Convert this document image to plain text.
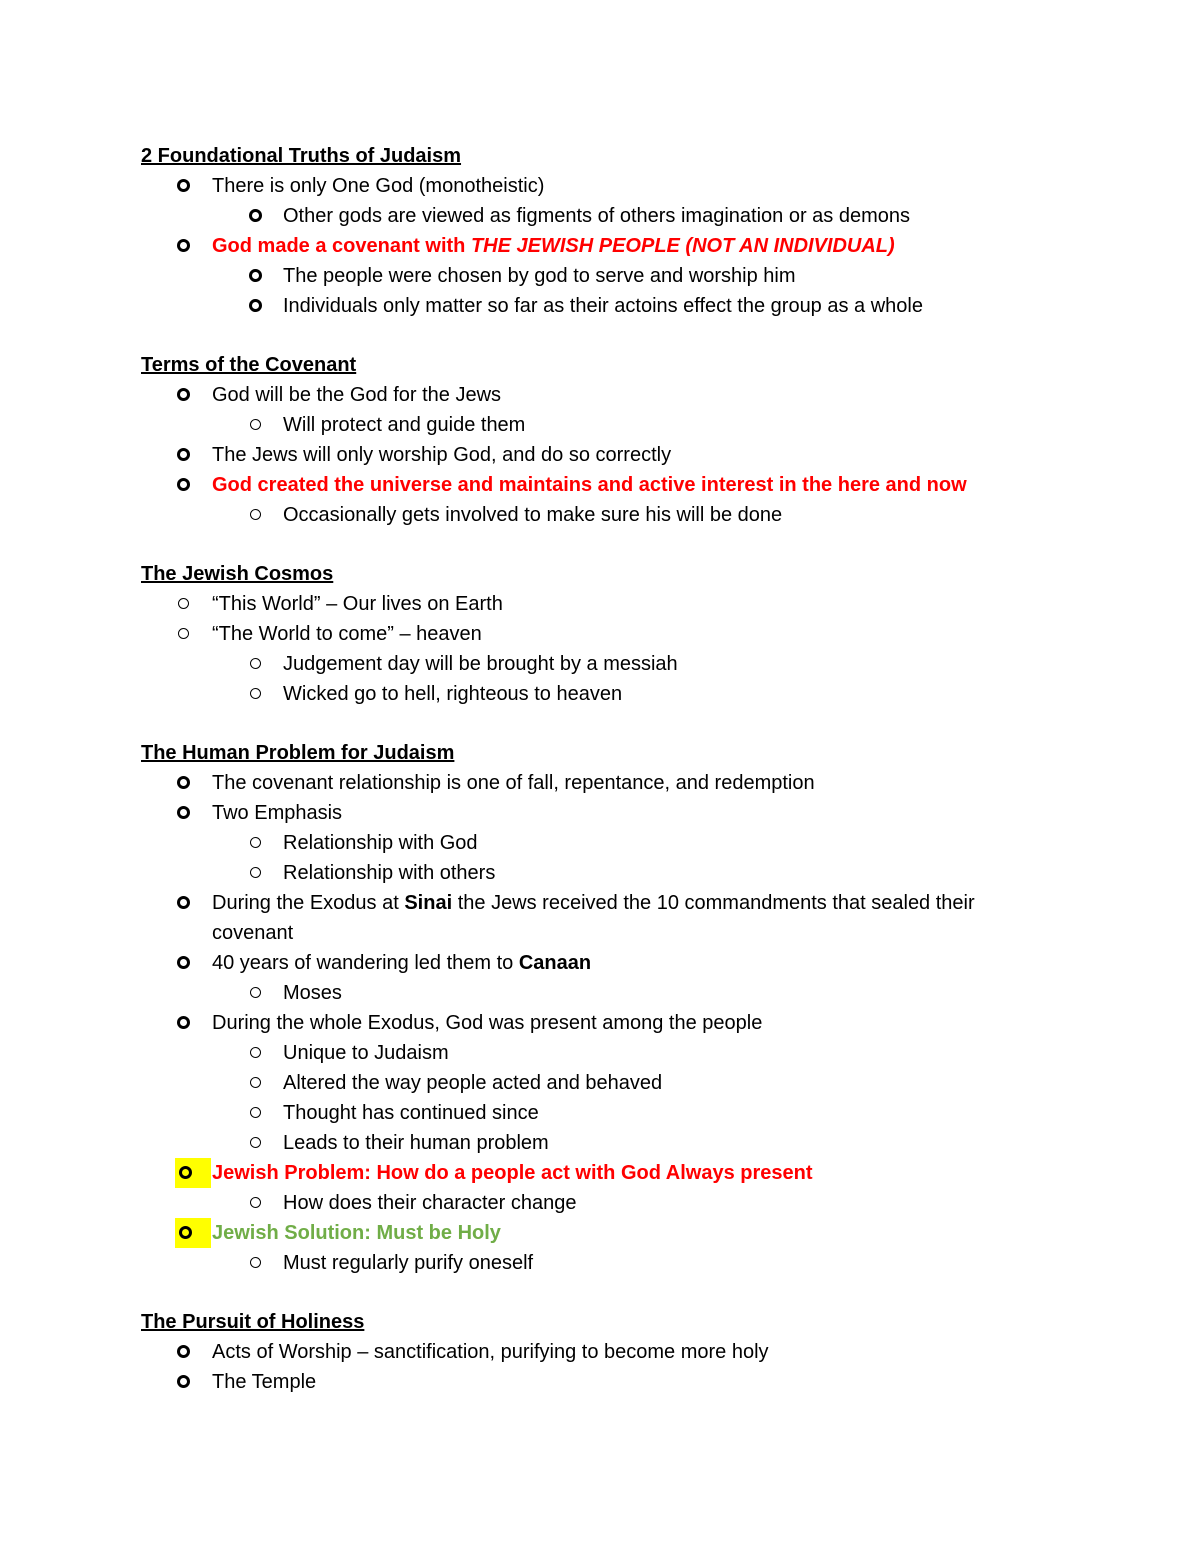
2 Foundational Truths of Judaism
There is only One God (monotheistic)
Other gods are viewed as figments of others imagination or as demons
God made a covenant with THE JEWISH PEOPLE (NOT AN INDIVIDUAL)
The people were chosen by god to serve and worship him
Individuals only matter so far as their actoins effect the group as a whole
Terms of the Covenant
God will be the God for the Jews
Will protect and guide them
The Jews will only worship God, and do so correctly
God created the universe and maintains and active interest in the here and now
Occasionally gets involved to make sure his will be done
The Jewish Cosmos
“This World” – Our lives on Earth
“The World to come” – heaven
Judgement day will be brought by a messiah
Wicked go to hell, righteous to heaven
The Human Problem for Judaism
The covenant relationship is one of fall, repentance, and redemption
Two Emphasis
Relationship with God
Relationship with others
During the Exodus at Sinai the Jews received the 10 commandments that sealed their
covenant
40 years of wandering led them to Canaan
Moses
During the whole Exodus, God was present among the people
Unique to Judaism
Altered the way people acted and behaved
Thought has continued since
Leads to their human problem
Jewish Problem: How do a people act with God Always present
How does their character change
Jewish Solution: Must be Holy
Must regularly purify oneself
The Pursuit of Holiness
Acts of Worship – sanctification, purifying to become more holy
The Temple
